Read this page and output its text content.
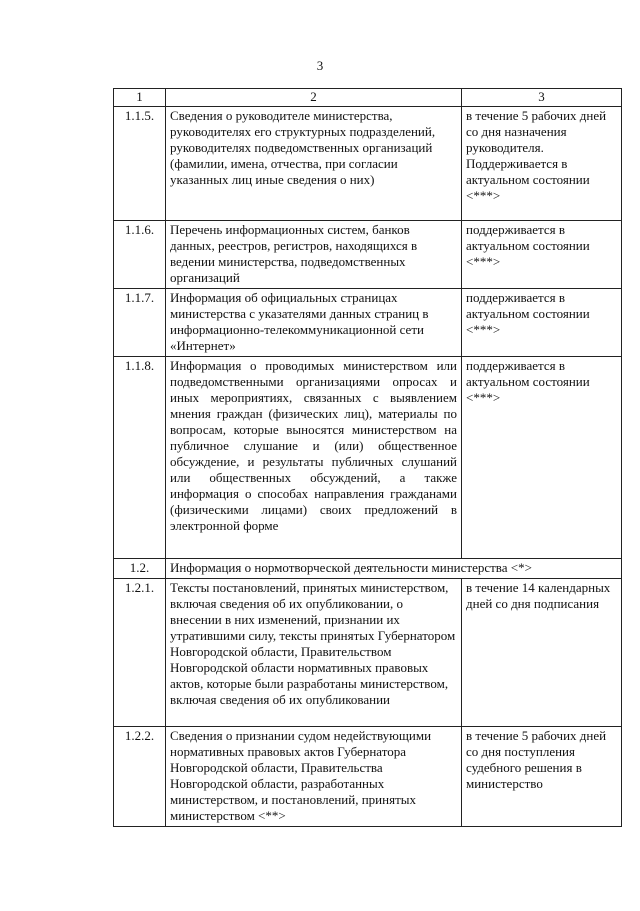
3
1	2	3
1.1.5.	Сведения о руководителе министерства, руководителях его структурных подразделений, руководителях подведомственных организаций (фамилии, имена, отчества, при согласии указанных лиц иные сведения о них)	в течение 5 рабочих дней со дня назначения руководителя. Поддерживается в актуальном состоянии <***>
1.1.6.	Перечень информационных систем, банков данных, реестров, регистров, находящихся в ведении министерства, подведомственных организаций	поддерживается в актуальном состоянии <***>
1.1.7.	Информация об официальных страницах министерства с указателями данных страниц в информационно-телекоммуникационной сети «Интернет»	поддерживается в актуальном состоянии <***>
1.1.8.	Информация о проводимых министерством или подведомственными организациями опросах и иных мероприятиях, связанных с выявлением мнения граждан (физических лиц), материалы по вопросам, которые выносятся министерством на публичное слушание и (или) общественное обсуждение, и результаты публичных слушаний или общественных обсуждений, а также информация о способах направления гражданами (физическими лицами) своих предложений в электронной форме	поддерживается в актуальном состоянии <***>
1.2.	Информация о нормотворческой деятельности министерства <*>	
1.2.1.	Тексты постановлений, принятых министерством, включая сведения об их опубликовании, о внесении в них изменений, признании их утратившими силу, тексты принятых Губернатором Новгородской области, Правительством Новгородской области нормативных правовых актов, которые были разработаны министерством, включая сведения об их опубликовании	в течение 14 календарных дней со дня подписания
1.2.2.	Сведения о признании судом недействующими нормативных правовых актов Губернатора Новгородской области, Правительства Новгородской области, разработанных министерством, и постановлений, принятых министерством <**>	в течение 5 рабочих дней со дня поступления судебного решения в министерство
